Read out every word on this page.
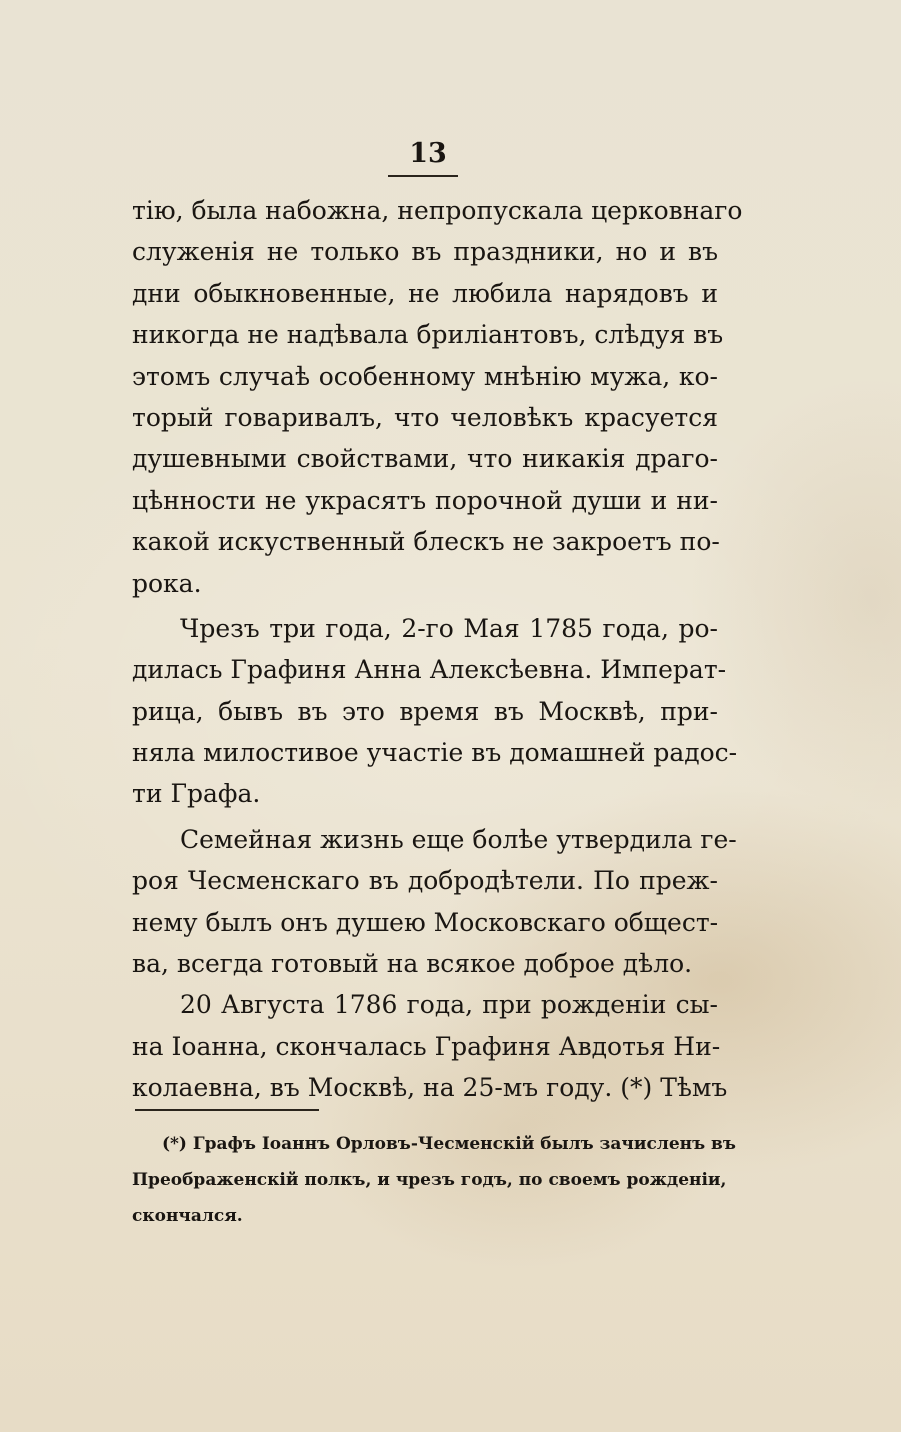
13
тію, была набожна, непропускала церковнаго
служенія не только въ праздники, но и въ
дни обыкновенные, не любила нарядовъ и
никогда не надѣвала бриліантовъ, слѣдуя въ
этомъ случаѣ особенному мнѣнію мужа, ко-
торый говаривалъ, что человѣкъ красуется
душевными свойствами, что никакія драго-
цѣнности не украсятъ порочной души и ни-
какой искуственный блескъ не закроетъ по-
рока.
Чрезъ три года, 2-го Мая 1785 года, ро-
дилась Графиня Анна Алексѣевна. Императ-
рица, бывъ въ это время въ Москвѣ, при-
няла милостивое участіе въ домашней радос-
ти Графа.
Семейная жизнь еще болѣе утвердила ге-
роя Чесменскаго въ добродѣтели. По преж-
нему былъ онъ душею Московскаго общест-
ва, всегда готовый на всякое доброе дѣло.
20 Августа 1786 года, при рожденіи сы-
на Іоанна, скончалась Графиня Авдотья Ни-
колаевна, въ Москвѣ, на 25-мъ году. (*) Тѣмъ
(*) Графъ Іоаннъ Орловъ-Чесменскій былъ зачисленъ въ
Преображенскій полкъ, и чрезъ годъ, по своемъ рожденіи,
скончался.
